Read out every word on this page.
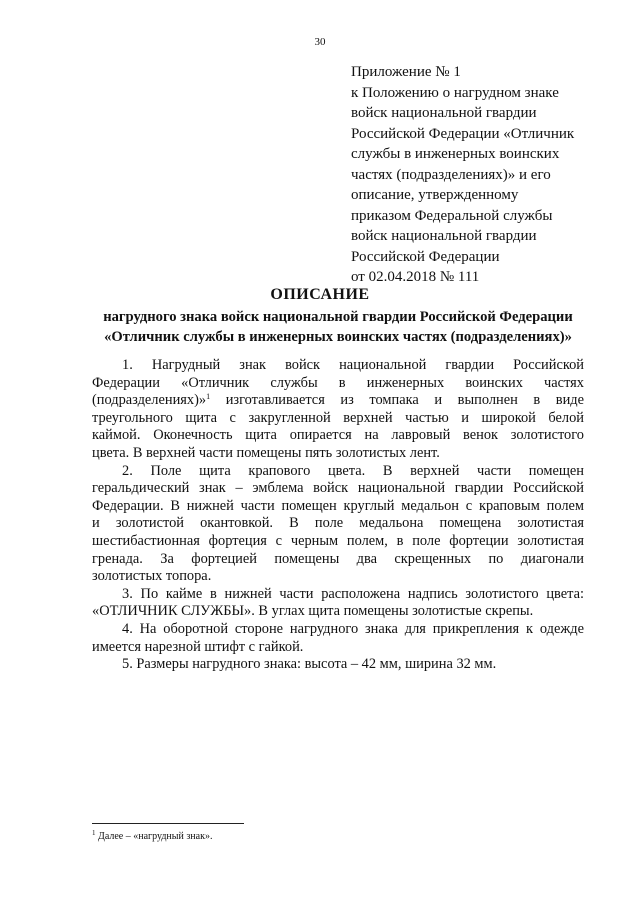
30
Приложение № 1
к Положению о нагрудном знаке
войск национальной гвардии
Российской Федерации «Отличник
службы в инженерных воинских
частях (подразделениях)» и его
описание, утвержденному
приказом Федеральной службы
войск национальной гвардии
Российской Федерации
от 02.04.2018 № 111
ОПИСАНИЕ
нагрудного знака войск национальной гвардии Российской Федерации
«Отличник службы в инженерных воинских частях (подразделениях)»
1. Нагрудный знак войск национальной гвардии Российской
Федерации «Отличник службы в инженерных воинских частях
(подразделениях)»$^1$ изготавливается из томпака и выполнен в виде
треугольного щита с закругленной верхней частью и широкой белой
каймой. Оконечность щита опирается на лавровый венок золотистого
цвета. В верхней части помещены пять золотистых лент.
2. Поле щита крапового цвета. В верхней части помещен
геральдический знак – эмблема войск национальной гвардии Российской
Федерации. В нижней части помещен круглый медальон с краповым полем
и золотистой окантовкой. В поле медальона помещена золотистая
шестибастионная фортеция с черным полем, в поле фортеции золотистая
гренада. За фортецией помещены два скрещенных по диагонали
золотистых топора.
3. По кайме в нижней части расположена надпись золотистого цвета:
«ОТЛИЧНИК СЛУЖБЫ». В углах щита помещены золотистые скрепы.
4. На оборотной стороне нагрудного знака для прикрепления к одежде
имеется нарезной штифт с гайкой.
5. Размеры нагрудного знака: высота – 42 мм, ширина 32 мм.
$^1$ Далее – «нагрудный знак».
